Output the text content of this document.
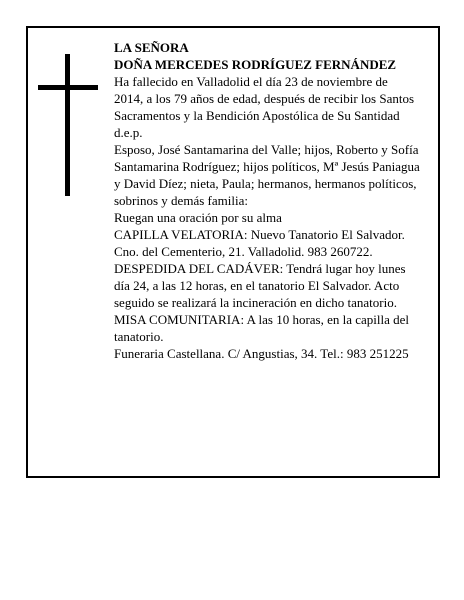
LA SEÑORA

DOÑA MERCEDES RODRÍGUEZ FERNÁNDEZ

Ha fallecido en Valladolid el día 23 de noviembre de 2014, a los 79 años de edad, después de recibir los Santos Sacramentos y la Bendición Apostólica de Su Santidad

d.e.p.

Esposo, José Santamarina del Valle; hijos, Roberto y Sofía Santamarina Rodríguez; hijos políticos, Mª Jesús Paniagua y David Díez; nieta, Paula; hermanos, hermanos políticos, sobrinos y demás familia:

Ruegan una oración por su alma

CAPILLA VELATORIA: Nuevo Tanatorio El Salvador. Cno. del Cementerio, 21. Valladolid. 983 260722.

DESPEDIDA DEL CADÁVER: Tendrá lugar hoy lunes día 24, a las 12 horas, en el tanatorio El Salvador. Acto seguido se realizará la incineración en dicho tanatorio.

MISA COMUNITARIA: A las 10 horas, en la capilla del tanatorio.

Funeraria Castellana. C/ Angustias, 34. Tel.: 983 251225
